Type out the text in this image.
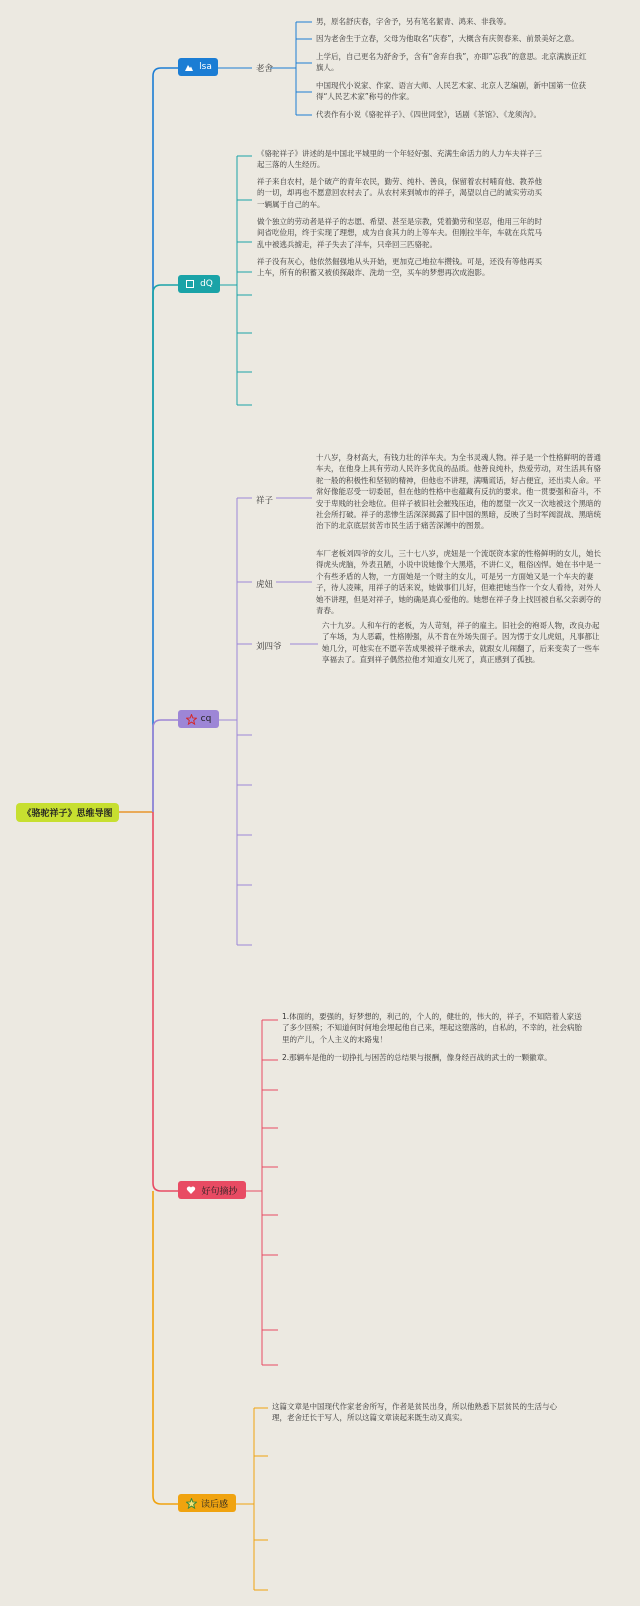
《骆驼祥子》思维导图
lsa	老舍
dQ
cq
好句摘抄
读后感

男，原名舒庆春，字舍予，另有笔名絜青、鸿来、非我等。

因为老舍生于立春，父母为他取名“庆春”，大概含有庆贺春来、前景美好之意。

上学后，自己更名为舒舍予，含有“舍弃自我”，亦即“忘我”的意思。北京满族正红旗人。

中国现代小说家、作家、语言大师、人民艺术家、北京人艺编剧，新中国第一位获得“人民艺术家”称号的作家。

代表作有小说《骆驼祥子》、《四世同堂》，话剧《茶馆》、《龙须沟》。

《骆驼祥子》讲述的是中国北平城里的一个年轻好强、充满生命活力的人力车夫祥子三起三落的人生经历。

祥子来自农村，是个破产的青年农民，勤劳、纯朴、善良，保留着农村哺育他、教养他的一切，却再也不愿意回农村去了。从农村来到城市的祥子，渴望以自己的诚实劳动买一辆属于自己的车。

做个独立的劳动者是祥子的志愿、希望、甚至是宗教，凭着勤劳和坚忍，他用三年的时间省吃俭用，终于实现了理想，成为自食其力的上等车夫。但刚拉半年，车就在兵荒马乱中被逃兵掳走，祥子失去了洋车，只牵回三匹骆驼。

祥子没有灰心，他依然倔强地从头开始，更加克己地拉车攒钱。可是，还没有等他再买上车，所有的积蓄又被侦探敲诈、洗劫一空，买车的梦想再次成泡影。

祥子

十八岁，身材高大，有钱力壮的洋车夫。为全书灵魂人物。祥子是一个性格鲜明的普通车夫，在他身上具有劳动人民许多优良的品质。他善良纯朴，热爱劳动，对生活具有骆驼一般的积极性和坚韧的精神，但他也不讲理，满嘴谎话，好占便宜，还出卖人命。平常好像能忍受一切委屈，但在他的性格中也蕴藏有反抗的要求。他一贯要强和奋斗，不安于卑贱的社会地位。但祥子被旧社会摧残压迫，他的愿望一次又一次地被这个黑暗的社会所打破。祥子的悲惨生活深深揭露了旧中国的黑暗，反映了当时军阀混战、黑暗统治下的北京底层贫苦市民生活于痛苦深渊中的图景。

虎妞

车厂老板刘四爷的女儿，三十七八岁，虎妞是一个流氓资本家的性格鲜明的女儿，她长得虎头虎脑，外表丑陋，小说中说她像个大黑塔，不讲仁义，粗俗凶悍。她在书中是一个有些矛盾的人物，一方面她是一个财主的女儿，可是另一方面她又是一个车夫的妻子，待人凌辣，用祥子的话来说，她做事们儿好，但难把她当作一个女人看待，对外人她不讲理，但是对祥子，她的确是真心爱他的。她想在祥子身上找回被自私父亲剥夺的青春。

刘四爷

六十九岁。人和车行的老板，为人苛刻，祥子的雇主。旧社会的袍哥人物，改良办起了车场，为人恶霸，性格刚强，从不肯在外场失面子。因为愣于女儿虎妞，凡事都让她几分，可他实在不愿辛苦成果被祥子继承去，就跟女儿闹翻了，后来变卖了一些车享福去了。直到祥子偶然拉他才知道女儿死了，真正感到了孤独。

1.体面的，要强的，好梦想的，利己的，个人的，健壮的，伟大的，祥子，不知陪着人家送了多少回殡；不知道何时何地会埋起他自己来，埋起这堕落的，自私的，不幸的，社会病胎里的产儿，个人主义的末路鬼！

2.那辆车是他的一切挣扎与困苦的总结果与报酬，像身经百战的武士的一颗徽章。

这篇文章是中国现代作家老舍所写，作者是贫民出身，所以他熟悉下层贫民的生活与心理，老舍迁长于写人，所以这篇文章读起来既生动又真实。
